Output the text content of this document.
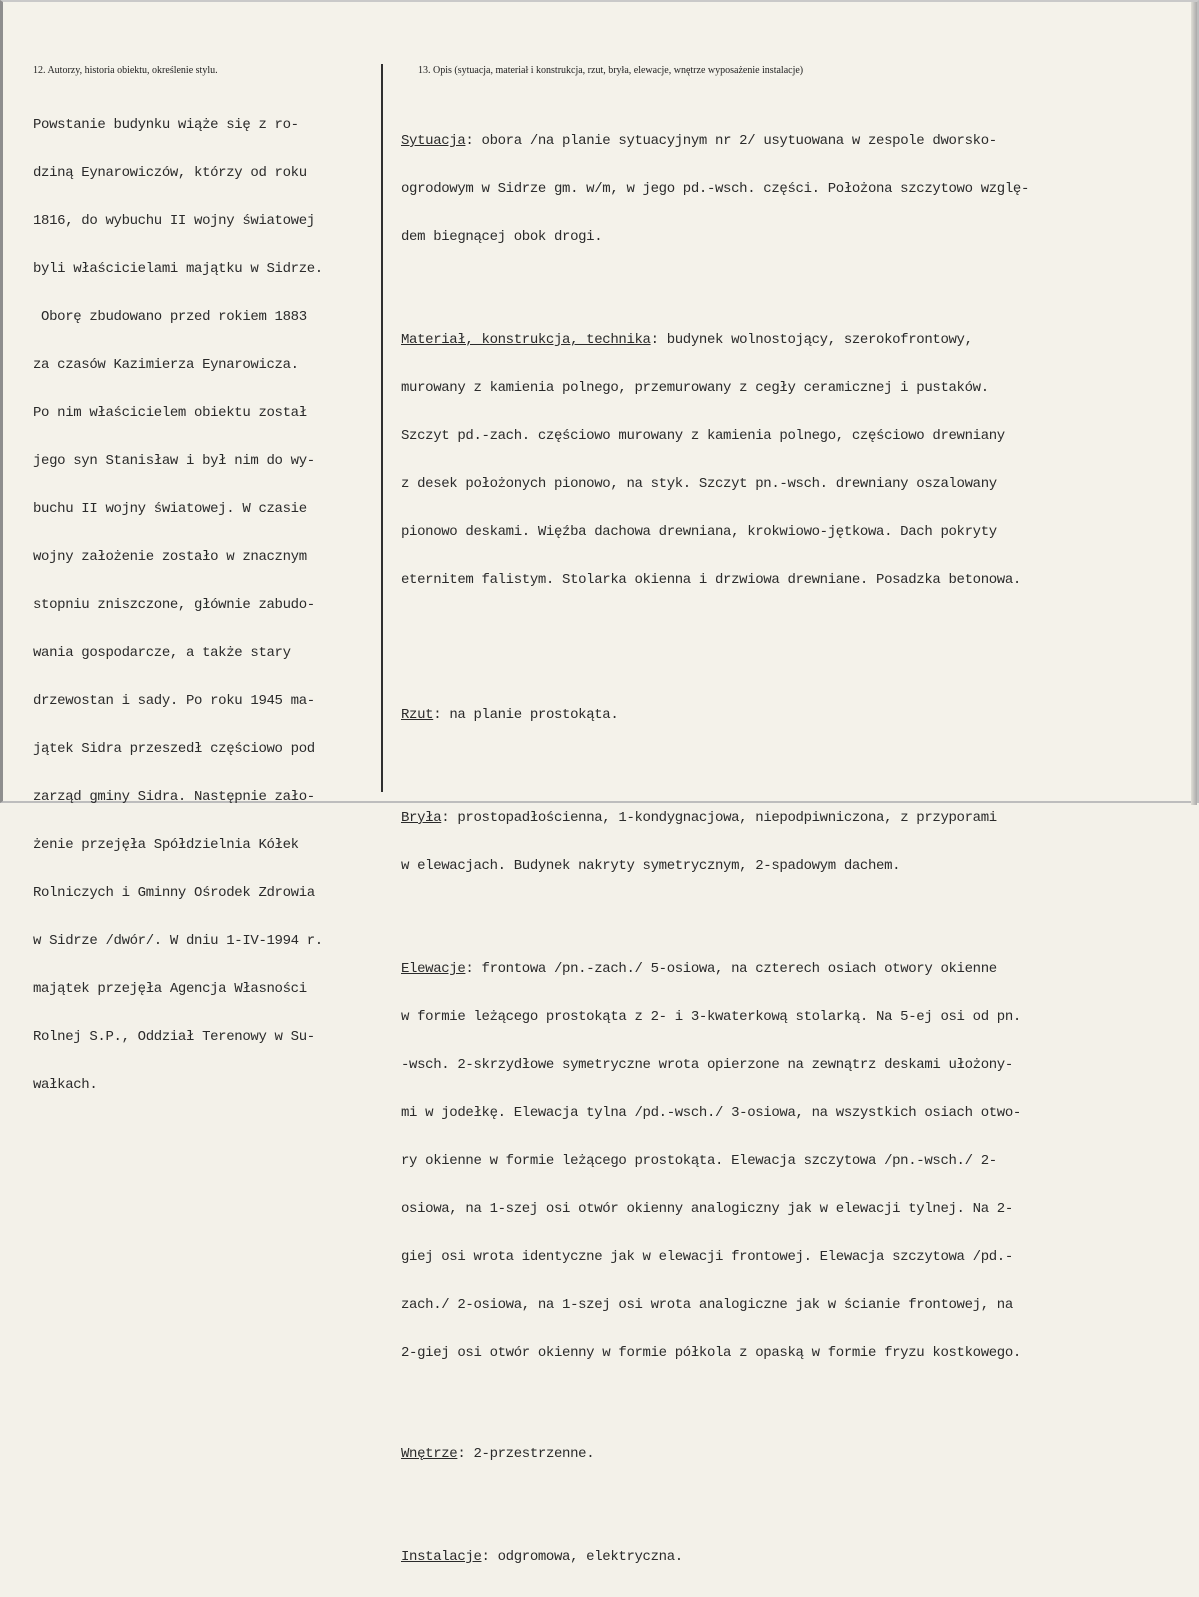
12. Autorzy, historia obiektu, określenie stylu.

Powstanie budynku wiąże się z ro-

dziną Eynarowiczów, którzy od roku

1816, do wybuchu II wojny światowej

byli właścicielami majątku w Sidrze.

Oborę zbudowano przed rokiem 1883

za czasów Kazimierza Eynarowicza.

Po nim właścicielem obiektu został

jego syn Stanisław i był nim do wy-

buchu II wojny światowej. W czasie

wojny założenie zostało w znacznym

stopniu zniszczone, głównie zabudo-

wania gospodarcze, a także stary

drzewostan i sady. Po roku 1945 ma-

jątek Sidra przeszedł częściowo pod

zarząd gminy Sidra. Następnie zało-

żenie przejęła Spółdzielnia Kółek

Rolniczych i Gminny Ośrodek Zdrowia

w Sidrze /dwór/. W dniu 1-IV-1994 r.

majątek przejęła Agencja Własności

Rolnej S.P., Oddział Terenowy w Su-

wałkach.

13. Opis (sytuacja, materiał i konstrukcja, rzut, bryła, elewacje, wnętrze wyposażenie instalacje)

Sytuacja: obora /na planie sytuacyjnym nr 2/ usytuowana w zespole dworsko-

ogrodowym w Sidrze gm. w/m, w jego pd.-wsch. części. Położona szczytowo wzglę-

dem biegnącej obok drogi.

Materiał, konstrukcja, technika: budynek wolnostojący, szerokofrontowy,

murowany z kamienia polnego, przemurowany z cegły ceramicznej i pustaków.

Szczyt pd.-zach. częściowo murowany z kamienia polnego, częściowo drewniany

z desek położonych pionowo, na styk. Szczyt pn.-wsch. drewniany oszalowany

pionowo deskami. Więźba dachowa drewniana, krokwiowo-jętkowa. Dach pokryty

eternitem falistym. Stolarka okienna i drzwiowa drewniane. Posadzka betonowa.

Rzut: na planie prostokąta.

Bryła: prostopadłościenna, 1-kondygnacjowa, niepodpiwniczona, z przyporami

w elewacjach. Budynek nakryty symetrycznym, 2-spadowym dachem.

Elewacje: frontowa /pn.-zach./ 5-osiowa, na czterech osiach otwory okienne

w formie leżącego prostokąta z 2- i 3-kwaterkową stolarką. Na 5-ej osi od pn.

-wsch. 2-skrzydłowe symetryczne wrota opierzone na zewnątrz deskami ułożony-

mi w jodełkę. Elewacja tylna /pd.-wsch./ 3-osiowa, na wszystkich osiach otwo-

ry okienne w formie leżącego prostokąta. Elewacja szczytowa /pn.-wsch./ 2-

osiowa, na 1-szej osi otwór okienny analogiczny jak w elewacji tylnej. Na 2-

giej osi wrota identyczne jak w elewacji frontowej. Elewacja szczytowa /pd.-

zach./ 2-osiowa, na 1-szej osi wrota analogiczne jak w ścianie frontowej, na

2-giej osi otwór okienny w formie półkola z opaską w formie fryzu kostkowego.

Wnętrze: 2-przestrzenne.

Instalacje: odgromowa, elektryczna.
